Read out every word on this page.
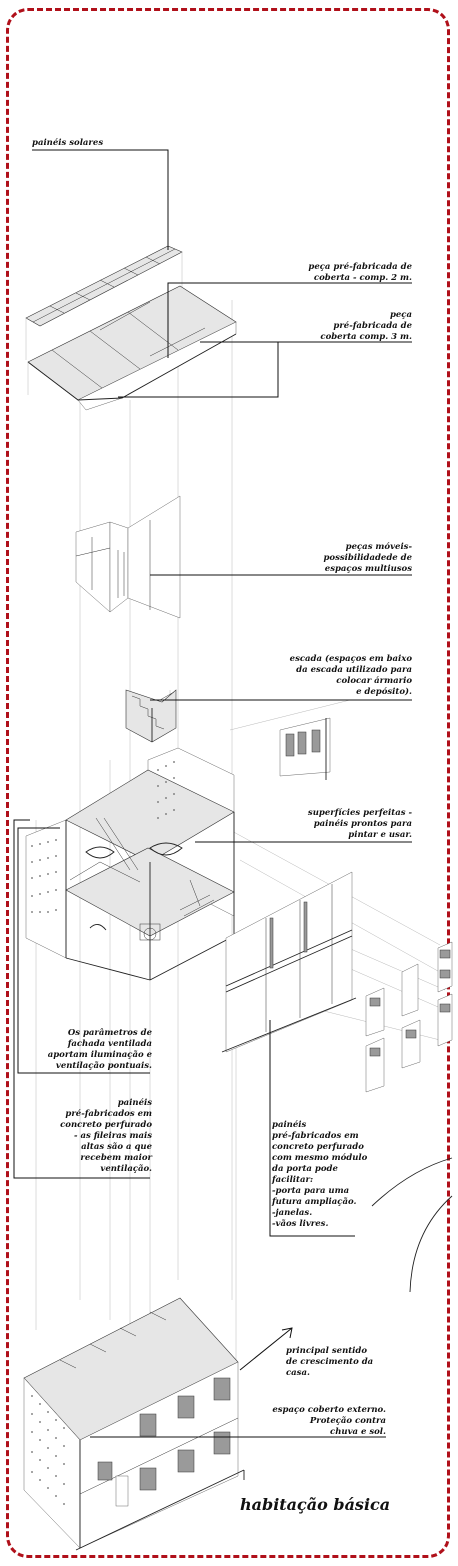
painéis solares
peça pré-fabricada de
coberta - comp. 2 m.
peça
pré-fabricada de
coberta comp. 3 m.
peças móveis-
possibilidadede de
espaços multiusos
escada (espaços em baixo
da escada utilizado para
colocar ármario
e depósito).
superfícies perfeitas -
painéis prontos para
pintar e usar.
Os parâmetros de
fachada ventilada
aportam iluminação e
ventilação pontuais.
painéis
pré-fabricados em
concreto perfurado
- as fileiras mais
altas são a que
recebem maior
ventilação.
painéis
pré-fabricados em
concreto perfurado
com mesmo módulo
da porta pode
facilitar:
-porta para uma
futura ampliação.
-janelas.
-vãos livres.
principal sentido
de crescimento da
casa.
espaço coberto externo.
Proteção contra
chuva e sol.
habitação básica
